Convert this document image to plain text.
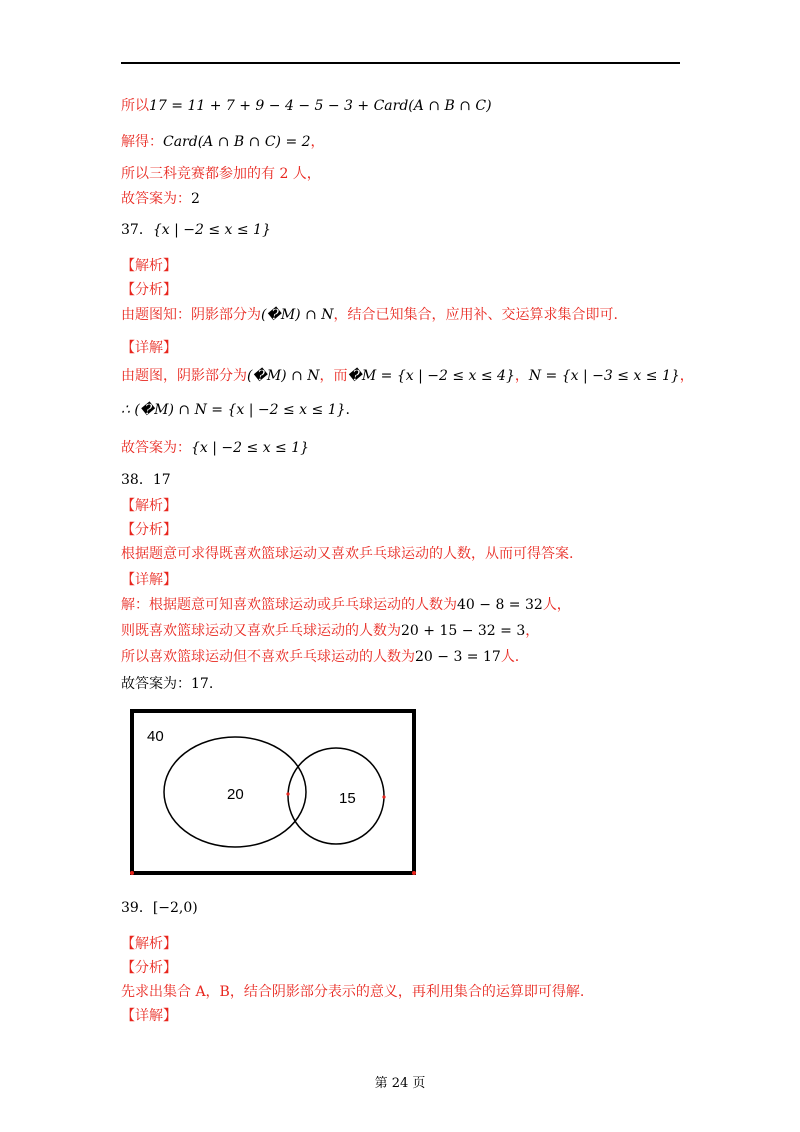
所以17 = 11 + 7 + 9 − 4 − 5 − 3 + Card(A ∩ B ∩ C)
解得：Card(A ∩ B ∩ C) = 2，
所以三科竞赛都参加的有 2 人，
故答案为：2
37．{x | −2 ≤ x ≤ 1}
【解析】
【分析】
由题图知：阴影部分为(�M) ∩ N，结合已知集合，应用补、交运算求集合即可.
【详解】
由题图，阴影部分为(�M) ∩ N，而�M = {x | −2 ≤ x ≤ 4}，N = {x | −3 ≤ x ≤ 1}，
∴ (�M) ∩ N = {x | −2 ≤ x ≤ 1}.
故答案为：{x | −2 ≤ x ≤ 1}
38．17
【解析】
【分析】
根据题意可求得既喜欢篮球运动又喜欢乒乓球运动的人数，从而可得答案.
【详解】
解：根据题意可知喜欢篮球运动或乒乓球运动的人数为40 − 8 = 32人，
则既喜欢篮球运动又喜欢乒乓球运动的人数为20 + 15 − 32 = 3，
所以喜欢篮球运动但不喜欢乒乓球运动的人数为20 − 3 = 17人.
故答案为：17.
40
20	15
39．[−2,0)
【解析】
【分析】
先求出集合 A，B，结合阴影部分表示的意义，再利用集合的运算即可得解.
【详解】
第 24 页
